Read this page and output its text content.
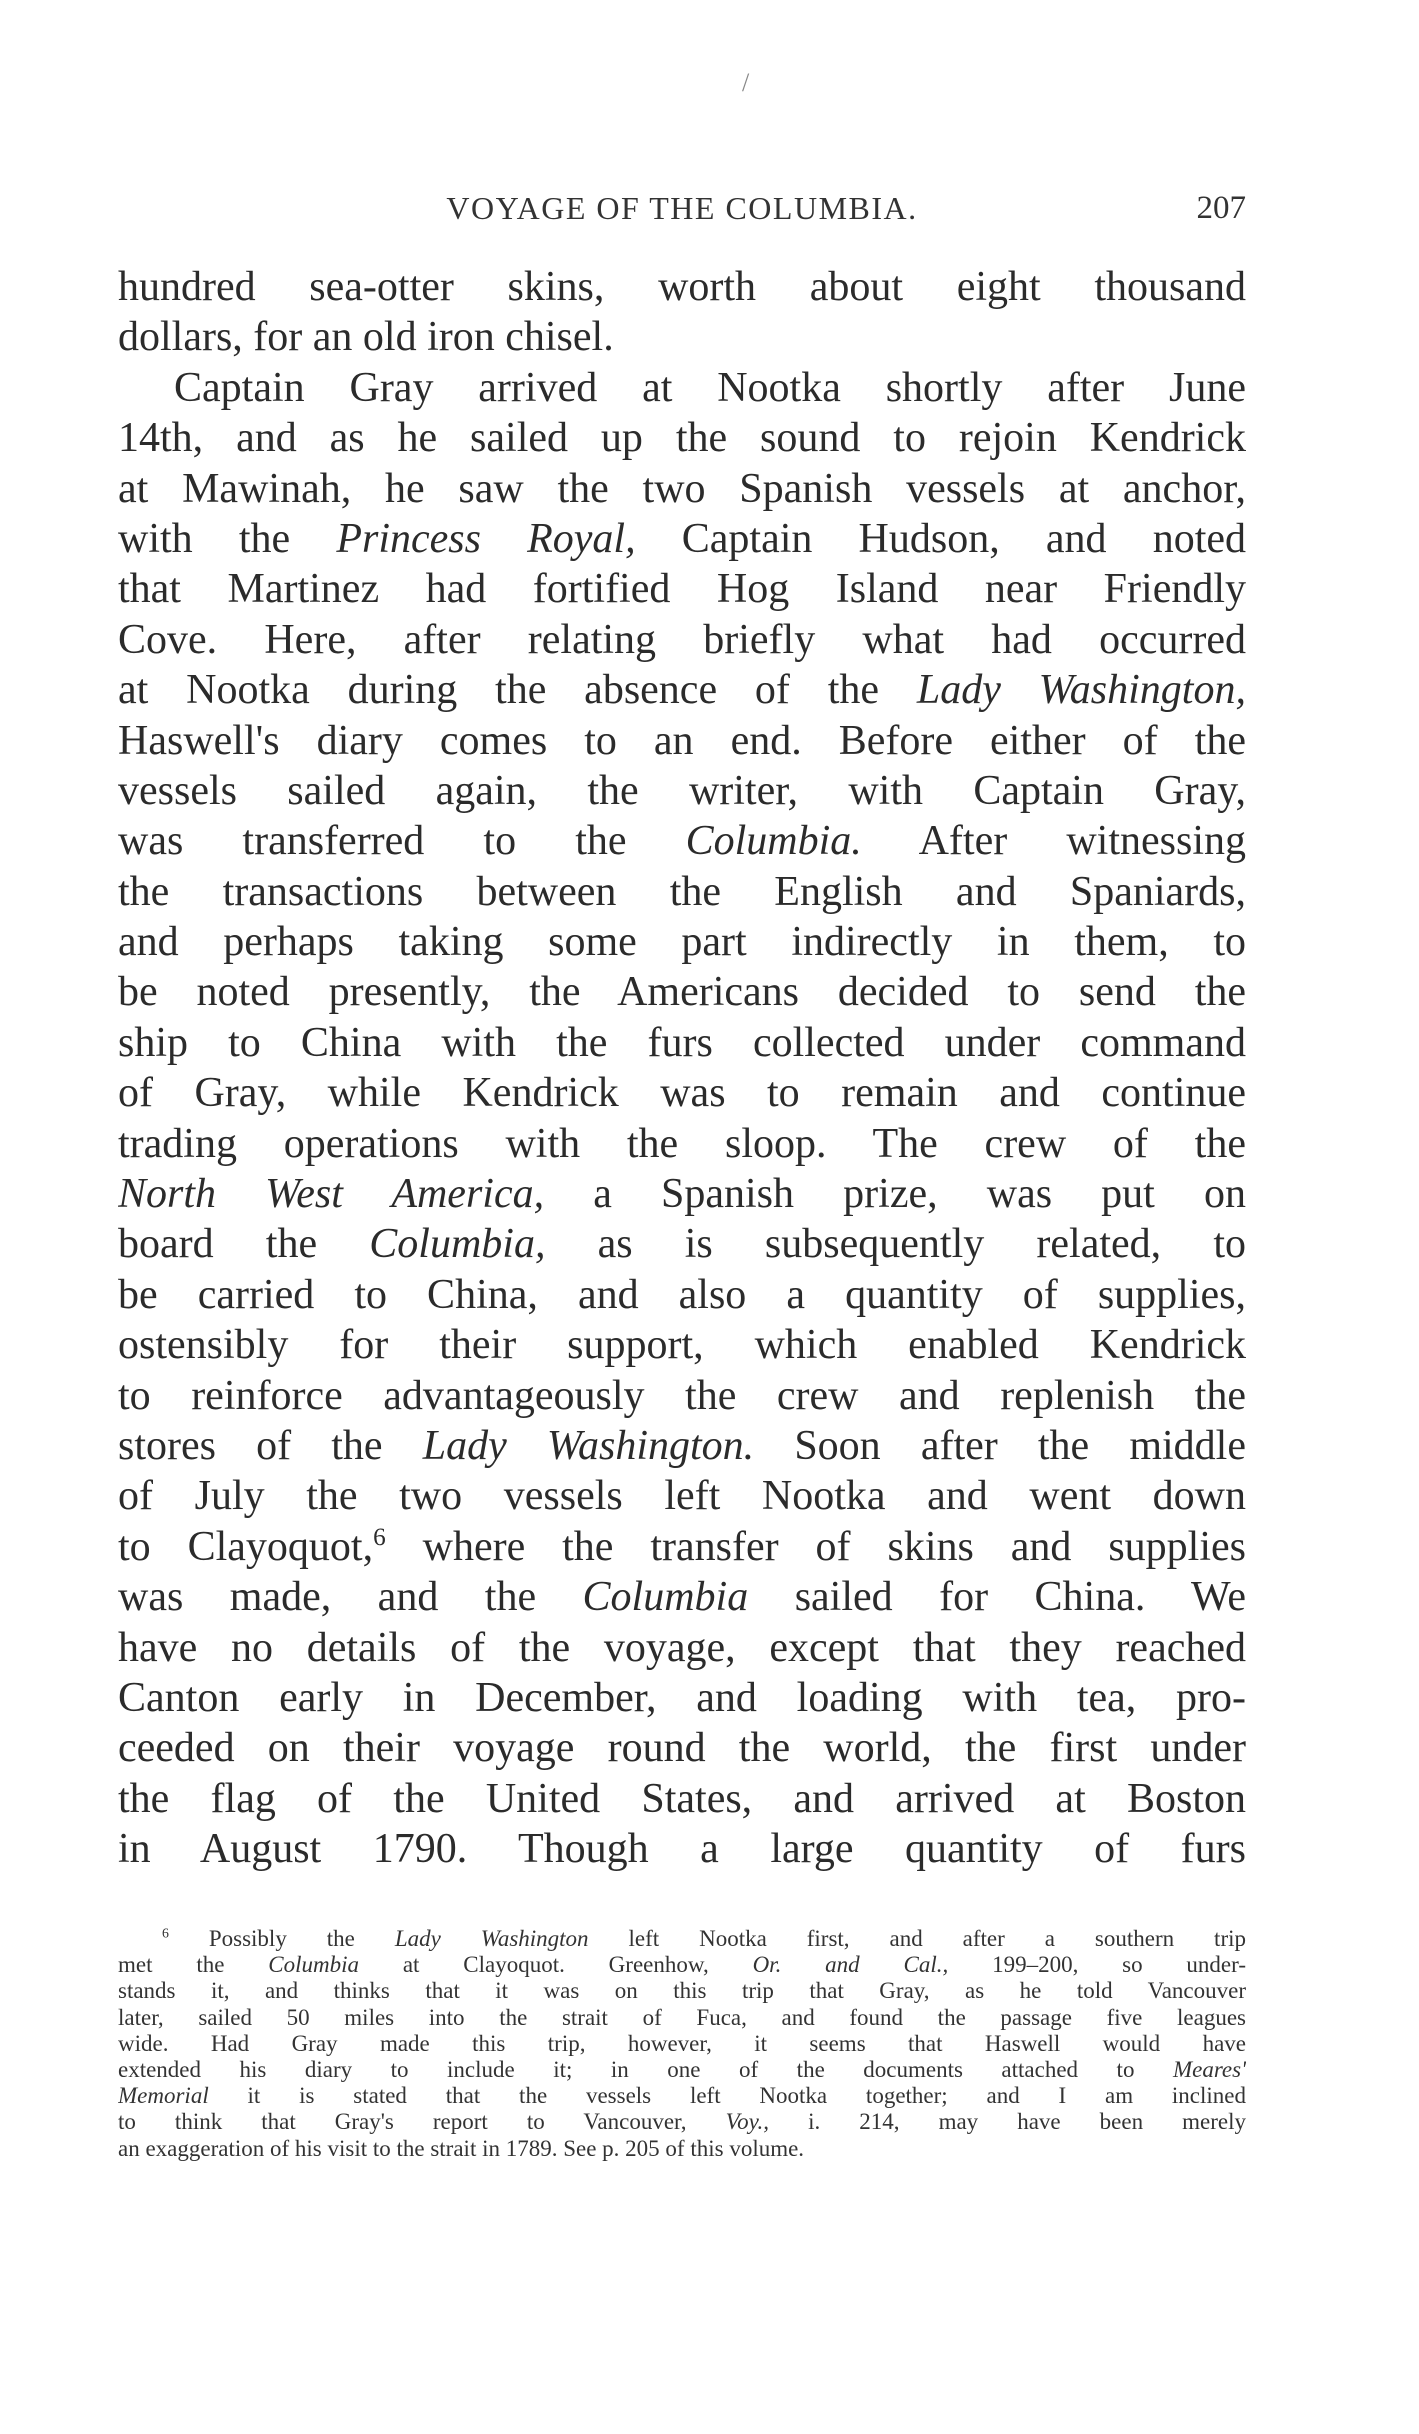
/
VOYAGE OF THE COLUMBIA.	207
hundred sea-otter skins, worth about eight thousand
dollars, for an old iron chisel.
Captain Gray arrived at Nootka shortly after June
14th, and as he sailed up the sound to rejoin Kendrick
at Mawinah, he saw the two Spanish vessels at anchor,
with the Princess Royal, Captain Hudson, and noted
that Martinez had fortified Hog Island near Friendly
Cove. Here, after relating briefly what had occurred
at Nootka during the absence of the Lady Washington,
Haswell's diary comes to an end. Before either of the
vessels sailed again, the writer, with Captain Gray,
was transferred to the Columbia. After witnessing
the transactions between the English and Spaniards,
and perhaps taking some part indirectly in them, to
be noted presently, the Americans decided to send the
ship to China with the furs collected under command
of Gray, while Kendrick was to remain and continue
trading operations with the sloop. The crew of the
North West America, a Spanish prize, was put on
board the Columbia, as is subsequently related, to
be carried to China, and also a quantity of supplies,
ostensibly for their support, which enabled Kendrick
to reinforce advantageously the crew and replenish the
stores of the Lady Washington. Soon after the middle
of July the two vessels left Nootka and went down
to Clayoquot,$^6$ where the transfer of skins and supplies
was made, and the Columbia sailed for China. We
have no details of the voyage, except that they reached
Canton early in December, and loading with tea, pro-
ceeded on their voyage round the world, the first under
the flag of the United States, and arrived at Boston
in August 1790. Though a large quantity of furs
$^6$ Possibly the Lady Washington left Nootka first, and after a southern trip
met the Columbia at Clayoquot. Greenhow, Or. and Cal., 199–200, so under-
stands it, and thinks that it was on this trip that Gray, as he told Vancouver
later, sailed 50 miles into the strait of Fuca, and found the passage five leagues
wide. Had Gray made this trip, however, it seems that Haswell would have
extended his diary to include it; in one of the documents attached to Meares'
Memorial it is stated that the vessels left Nootka together; and I am inclined
to think that Gray's report to Vancouver, Voy., i. 214, may have been merely
an exaggeration of his visit to the strait in 1789. See p. 205 of this volume.
